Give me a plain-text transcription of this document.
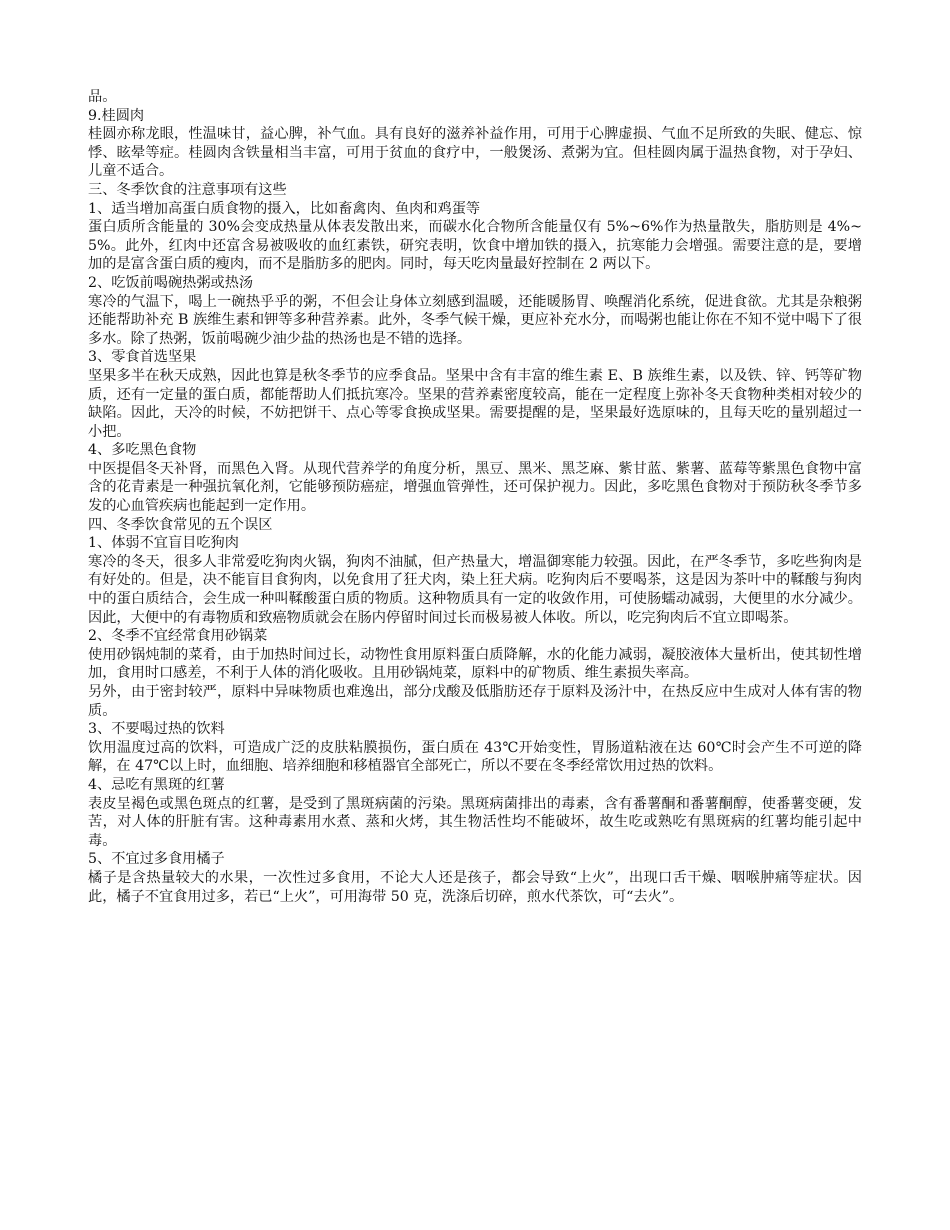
品。

9.桂圆肉

桂圆亦称龙眼，性温味甘，益心脾，补气血。具有良好的滋养补益作用，可用于心脾虚损、气血不足所致的失眠、健忘、惊悸、眩晕等症。桂圆肉含铁量相当丰富，可用于贫血的食疗中，一般煲汤、煮粥为宜。但桂圆肉属于温热食物，对于孕妇、儿童不适合。

三、冬季饮食的注意事项有这些

1、适当增加高蛋白质食物的摄入，比如畜禽肉、鱼肉和鸡蛋等

蛋白质所含能量的 30%会变成热量从体表发散出来，而碳水化合物所含能量仅有 5%~6%作为热量散失，脂肪则是 4%~5%。此外，红肉中还富含易被吸收的血红素铁，研究表明，饮食中增加铁的摄入，抗寒能力会增强。需要注意的是，要增加的是富含蛋白质的瘦肉，而不是脂肪多的肥肉。同时，每天吃肉量最好控制在 2 两以下。

2、吃饭前喝碗热粥或热汤

寒冷的气温下，喝上一碗热乎乎的粥，不但会让身体立刻感到温暖，还能暖肠胃、唤醒消化系统，促进食欲。尤其是杂粮粥还能帮助补充 B 族维生素和钾等多种营养素。此外，冬季气候干燥，更应补充水分，而喝粥也能让你在不知不觉中喝下了很多水。除了热粥，饭前喝碗少油少盐的热汤也是不错的选择。

3、零食首选坚果

坚果多半在秋天成熟，因此也算是秋冬季节的应季食品。坚果中含有丰富的维生素 E、B 族维生素，以及铁、锌、钙等矿物质，还有一定量的蛋白质，都能帮助人们抵抗寒冷。坚果的营养素密度较高，能在一定程度上弥补冬天食物种类相对较少的缺陷。因此，天冷的时候，不妨把饼干、点心等零食换成坚果。需要提醒的是，坚果最好选原味的，且每天吃的量别超过一小把。

4、多吃黑色食物

中医提倡冬天补肾，而黑色入肾。从现代营养学的角度分析，黑豆、黑米、黑芝麻、紫甘蓝、紫薯、蓝莓等紫黑色食物中富含的花青素是一种强抗氧化剂，它能够预防癌症，增强血管弹性，还可保护视力。因此，多吃黑色食物对于预防秋冬季节多发的心血管疾病也能起到一定作用。

四、冬季饮食常见的五个误区

1、体弱不宜盲目吃狗肉

寒冷的冬天，很多人非常爱吃狗肉火锅，狗肉不油腻，但产热量大，增温御寒能力较强。因此，在严冬季节，多吃些狗肉是有好处的。但是，决不能盲目食狗肉，以免食用了狂犬肉，染上狂犬病。吃狗肉后不要喝茶，这是因为茶叶中的鞣酸与狗肉中的蛋白质结合，会生成一种叫鞣酸蛋白质的物质。这种物质具有一定的收敛作用，可使肠蠕动减弱，大便里的水分减少。因此，大便中的有毒物质和致癌物质就会在肠内停留时间过长而极易被人体收。所以，吃完狗肉后不宜立即喝茶。

2、冬季不宜经常食用砂锅菜

使用砂锅炖制的菜肴，由于加热时间过长，动物性食用原料蛋白质降解，水的化能力减弱，凝胶液体大量析出，使其韧性增加，食用时口感差，不利于人体的消化吸收。且用砂锅炖菜，原料中的矿物质、维生素损失率高。

另外，由于密封较严，原料中异味物质也难逸出，部分戊酸及低脂肪还存于原料及汤汁中，在热反应中生成对人体有害的物质。

3、不要喝过热的饮料

饮用温度过高的饮料，可造成广泛的皮肤粘膜损伤，蛋白质在 43℃开始变性，胃肠道粘液在达 60℃时会产生不可逆的降解，在 47℃以上时，血细胞、培养细胞和移植器官全部死亡，所以不要在冬季经常饮用过热的饮料。

4、忌吃有黑斑的红薯

表皮呈褐色或黑色斑点的红薯，是受到了黑斑病菌的污染。黑斑病菌排出的毒素，含有番薯酮和番薯酮醇，使番薯变硬，发苦，对人体的肝脏有害。这种毒素用水煮、蒸和火烤，其生物活性均不能破坏，故生吃或熟吃有黑斑病的红薯均能引起中毒。

5、不宜过多食用橘子

橘子是含热量较大的水果，一次性过多食用，不论大人还是孩子，都会导致“上火”，出现口舌干燥、咽喉肿痛等症状。因此，橘子不宜食用过多，若已“上火”，可用海带 50 克，洗涤后切碎，煎水代茶饮，可“去火”。
